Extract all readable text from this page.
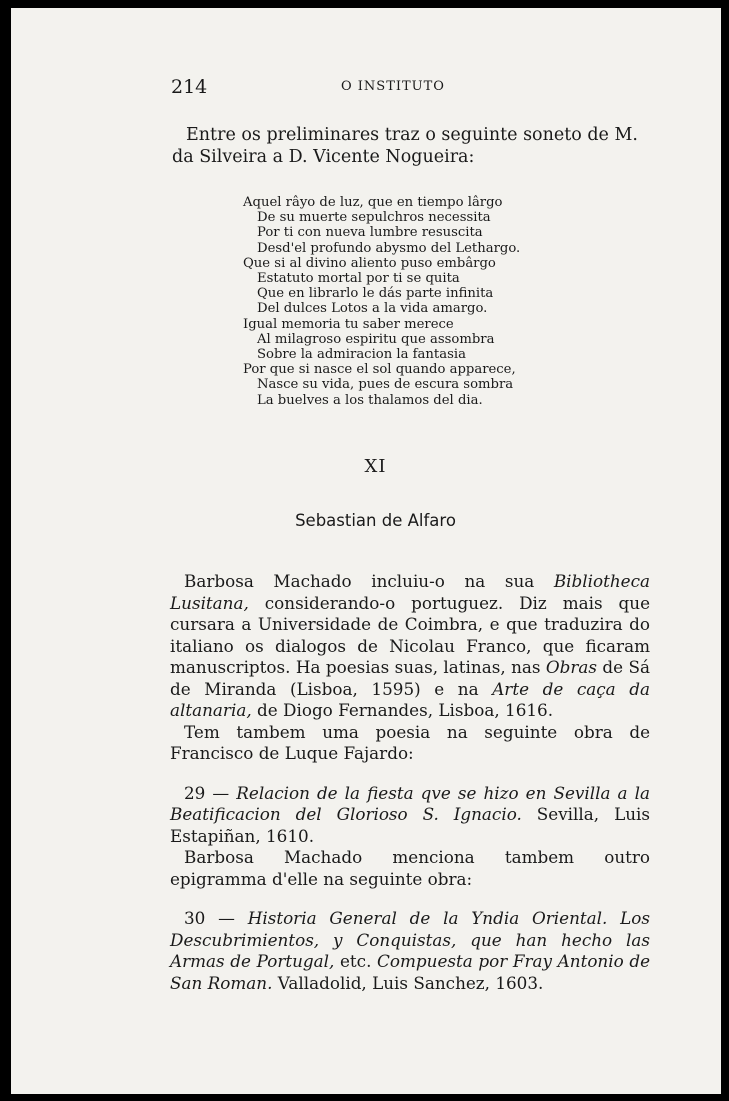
214	O INSTITUTO

Entre os preliminares traz o seguinte soneto de M. da Silveira a D. Vicente Nogueira:

Aquel râyo de luz, que en tiempo lârgo
De su muerte sepulchros necessita
Por ti con nueva lumbre resuscita
Desd'el profundo abysmo del Lethargo.
Que si al divino aliento puso embârgo
Estatuto mortal por ti se quita
Que en librarlo le dás parte infinita
Del dulces Lotos a la vida amargo.
Igual memoria tu saber merece
Al milagroso espiritu que assombra
Sobre la admiracion la fantasia
Por que si nasce el sol quando apparece,
Nasce su vida, pues de escura sombra
La buelves a los thalamos del dia.
XI
Sebastian de Alfaro

Barbosa Machado incluiu-o na sua Bibliotheca Lusitana, considerando-o portuguez. Diz mais que cursara a Universidade de Coimbra, e que traduzira do italiano os dialogos de Nicolau Franco, que ficaram manuscriptos. Ha poesias suas, latinas, nas Obras de Sá de Miranda (Lisboa, 1595) e na Arte de caça da altanaria, de Diogo Fernandes, Lisboa, 1616.

Tem tambem uma poesia na seguinte obra de Francisco de Luque Fajardo:

29 — Relacion de la fiesta qve se hizo en Sevilla a la Beatificacion del Glorioso S. Ignacio. Sevilla, Luis Estapiñan, 1610.

Barbosa Machado menciona tambem outro epigramma d'elle na seguinte obra:

30 — Historia General de la Yndia Oriental. Los Descubrimientos, y Conquistas, que han hecho las Armas de Portugal, etc. Compuesta por Fray Antonio de San Roman. Valladolid, Luis Sanchez, 1603.
